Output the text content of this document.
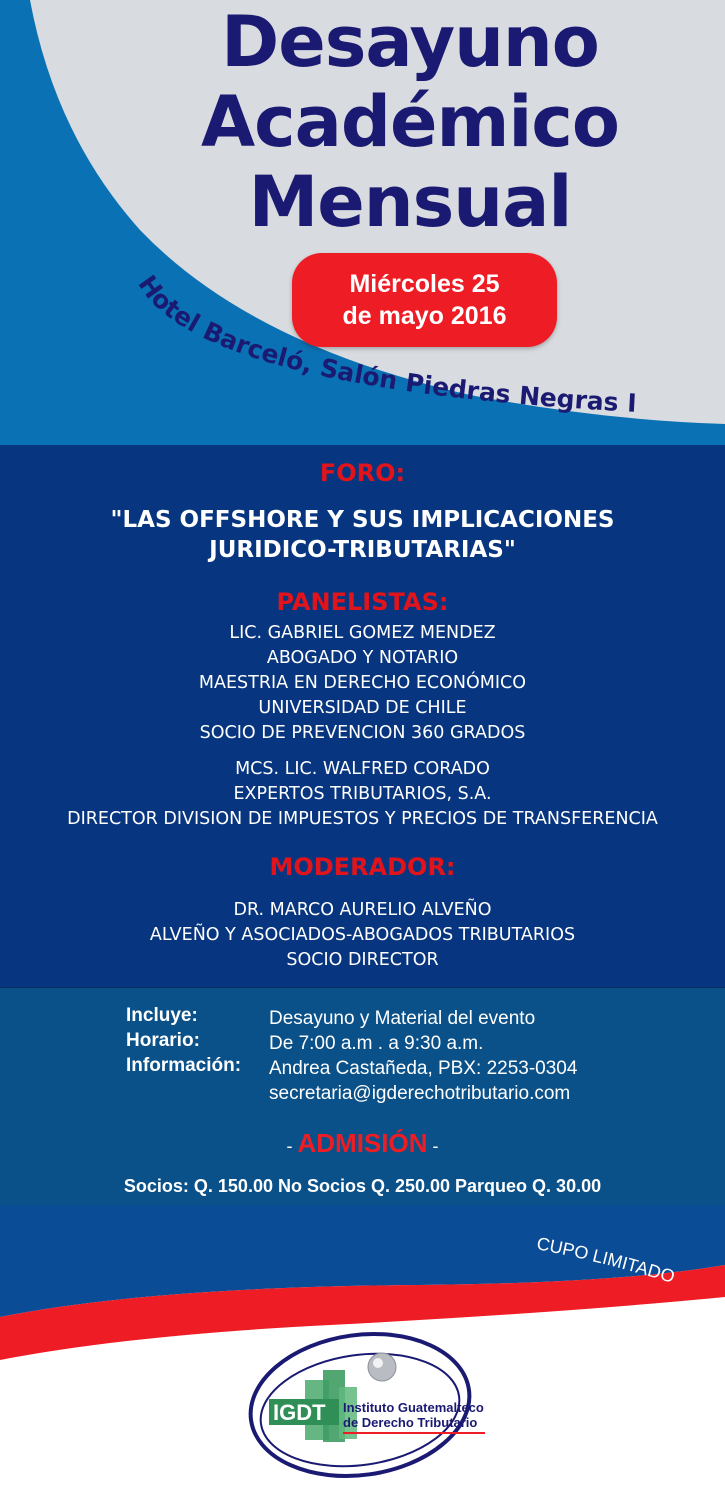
Desayuno
Académico
Mensual
Miércoles 25
de mayo 2016
Hotel Barceló, Salón Piedras Negras I
FORO:
"LAS OFFSHORE Y SUS IMPLICACIONES
JURIDICO-TRIBUTARIAS"
PANELISTAS:
LIC. GABRIEL GOMEZ MENDEZ
ABOGADO Y NOTARIO
MAESTRIA EN DERECHO ECONÓMICO
UNIVERSIDAD DE CHILE
SOCIO DE PREVENCION 360 GRADOS
MCS. LIC. WALFRED CORADO
EXPERTOS TRIBUTARIOS, S.A.
DIRECTOR DIVISION DE IMPUESTOS Y PRECIOS DE TRANSFERENCIA
MODERADOR:
DR. MARCO AURELIO ALVEÑO
ALVEÑO Y ASOCIADOS-ABOGADOS TRIBUTARIOS
SOCIO DIRECTOR
Incluye:
Horario:
Información:
Desayuno y Material del evento
De 7:00 a.m . a 9:30 a.m.
Andrea Castañeda, PBX: 2253-0304
secretaria@igderechotributario.com
- ADMISIÓN -
Socios: Q. 150.00 No Socios Q. 250.00 Parqueo Q. 30.00
CUPO LIMITADO
IGDT Instituto Guatemalteco
de Derecho Tributario
